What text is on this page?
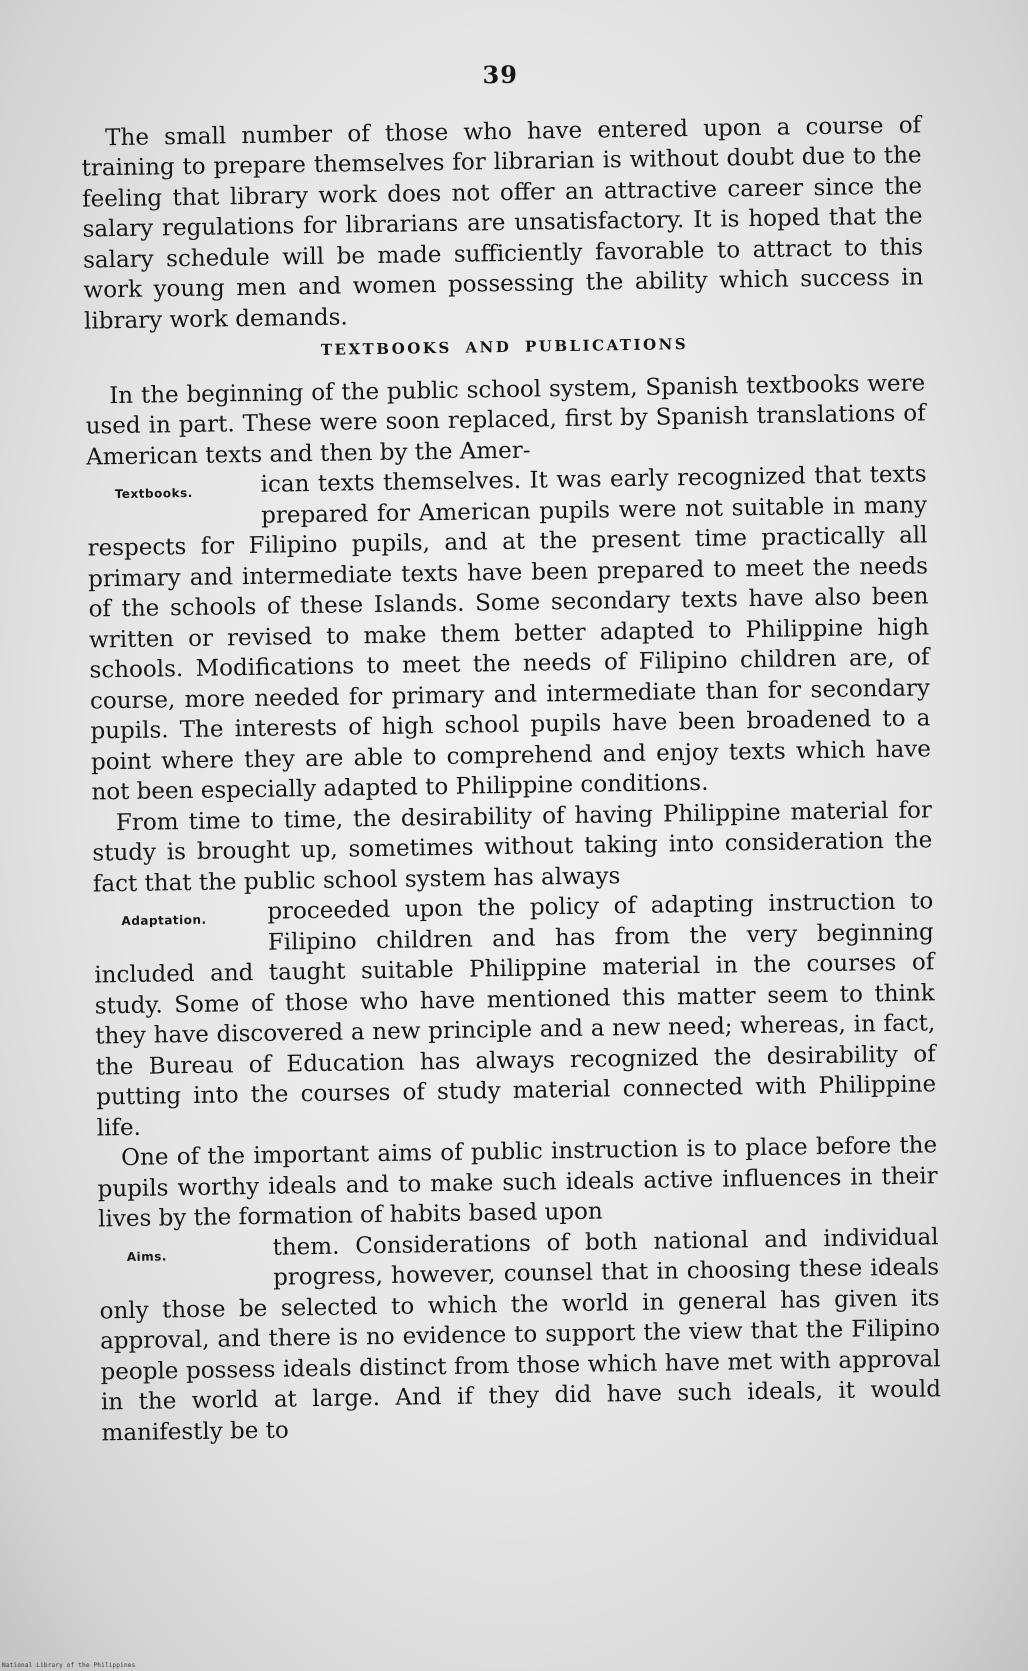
39

The small number of those who have entered upon a course of training to prepare themselves for librarian is without doubt due to the feeling that library work does not offer an attractive career since the salary regulations for librarians are unsatisfactory. It is hoped that the salary schedule will be made sufficiently favorable to attract to this work young men and women possessing the ability which success in library work demands.

TEXTBOOKS AND PUBLICATIONS

In the beginning of the public school system, Spanish textbooks were used in part. These were soon replaced, first by Spanish translations of American texts and then by the Amer-

Textbooks.	ican texts themselves. It was early recognized that texts prepared for American pupils were not suitable in many respects for Filipino pupils, and at the present time practically all primary and intermediate texts have been prepared to meet the needs of the schools of these Islands. Some secondary texts have also been written or revised to make them better adapted to Philippine high schools. Modifications to meet the needs of Filipino children are, of course, more needed for primary and intermediate than for secondary pupils. The interests of high school pupils have been broadened to a point where they are able to comprehend and enjoy texts which have not been especially adapted to Philippine conditions.

From time to time, the desirability of having Philippine material for study is brought up, sometimes without taking into consideration the fact that the public school system has always

Adaptation.	proceeded upon the policy of adapting instruction to Filipino children and has from the very beginning included and taught suitable Philippine material in the courses of study. Some of those who have mentioned this matter seem to think they have discovered a new principle and a new need; whereas, in fact, the Bureau of Education has always recognized the desirability of putting into the courses of study material connected with Philippine life.

One of the important aims of public instruction is to place before the pupils worthy ideals and to make such ideals active influences in their lives by the formation of habits based upon

Aims.	them. Considerations of both national and individual progress, however, counsel that in choosing these ideals only those be selected to which the world in general has given its approval, and there is no evidence to support the view that the Filipino people possess ideals distinct from those which have met with approval in the world at large. And if they did have such ideals, it would manifestly be to

National Library of the Philippines
